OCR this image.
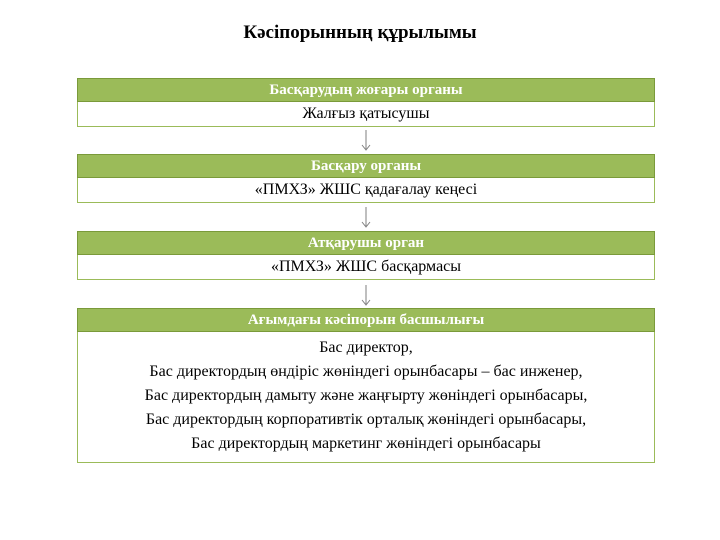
Кәсіпорынның құрылымы
Басқарудың жоғары органы
Жалғыз қатысушы
Басқару органы
«ПМХЗ» ЖШС қадағалау кеңесі
Атқарушы орган
«ПМХЗ» ЖШС басқармасы
Ағымдағы кәсіпорын басшылығы
Бас директор,
Бас директордың өндіріс жөніндегі орынбасары – бас инженер,
Бас директордың дамыту және жаңғырту жөніндегі орынбасары,
Бас директордың корпоративтік орталық жөніндегі орынбасары,
Бас директордың маркетинг жөніндегі орынбасары
